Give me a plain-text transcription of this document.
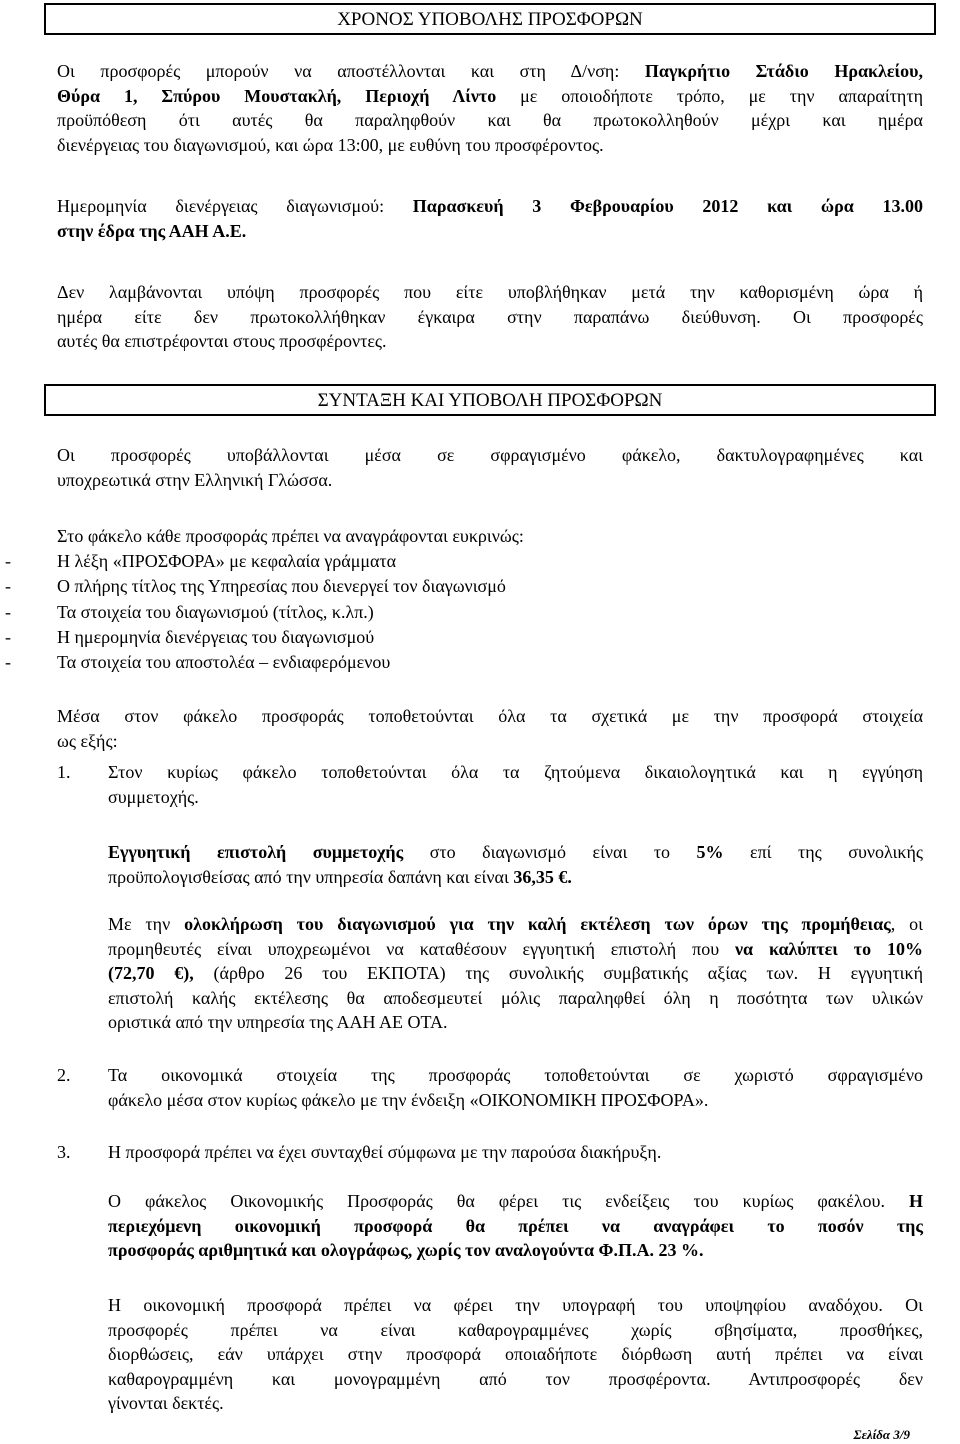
ΧΡΟΝΟΣ ΥΠΟΒΟΛΗΣ ΠΡΟΣΦΟΡΩΝ
Οι προσφορές μπορούν να αποστέλλονται και στη Δ/νση: Παγκρήτιο Στάδιο Ηρακλείου,
Θύρα 1, Σπύρου Μουστακλή, Περιοχή Λίντο με οποιοδήποτε τρόπο, με την απαραίτητη
προϋπόθεση ότι αυτές θα παραληφθούν και θα πρωτοκολληθούν μέχρι και ημέρα
διενέργειας του διαγωνισμού, και ώρα 13:00, με ευθύνη του προσφέροντος.
Ημερομηνία διενέργειας διαγωνισμού: Παρασκευή 3 Φεβρουαρίου 2012 και ώρα 13.00
στην έδρα της ΑΑΗ Α.Ε.
Δεν λαμβάνονται υπόψη προσφορές που είτε υποβλήθηκαν μετά την καθορισμένη ώρα ή
ημέρα είτε δεν πρωτοκολλήθηκαν έγκαιρα στην παραπάνω διεύθυνση. Οι προσφορές
αυτές θα επιστρέφονται στους προσφέροντες.
ΣΥΝΤΑΞΗ ΚΑΙ ΥΠΟΒΟΛΗ ΠΡΟΣΦΟΡΩΝ
Οι προσφορές υποβάλλονται μέσα σε σφραγισμένο φάκελο, δακτυλογραφημένες και
υποχρεωτικά στην Ελληνική Γλώσσα.
Στο φάκελο κάθε προσφοράς πρέπει να αναγράφονται ευκρινώς:
-	Η λέξη «ΠΡΟΣΦΟΡΑ» με κεφαλαία γράμματα
-	Ο πλήρης τίτλος της Υπηρεσίας που διενεργεί τον διαγωνισμό
-	Τα στοιχεία του διαγωνισμού (τίτλος, κ.λπ.)
-	Η ημερομηνία διενέργειας του διαγωνισμού
-	Τα στοιχεία του αποστολέα – ενδιαφερόμενου
Μέσα στον φάκελο προσφοράς τοποθετούνται όλα τα σχετικά με την προσφορά στοιχεία
ως εξής:
1. Στον κυρίως φάκελο τοποθετούνται όλα τα ζητούμενα δικαιολογητικά και η εγγύηση
συμμετοχής.
Εγγυητική επιστολή συμμετοχής στο διαγωνισμό είναι το 5% επί της συνολικής
προϋπολογισθείσας από την υπηρεσία δαπάνη και είναι 36,35 €.
Με την ολοκλήρωση του διαγωνισμού για την καλή εκτέλεση των όρων της προμήθειας, οι
προμηθευτές είναι υποχρεωμένοι να καταθέσουν εγγυητική επιστολή που να καλύπτει το 10%
(72,70 €), (άρθρο 26 του ΕΚΠΟΤΑ) της συνολικής συμβατικής αξίας των. Η εγγυητική
επιστολή καλής εκτέλεσης θα αποδεσμευτεί μόλις παραληφθεί όλη η ποσότητα των υλικών
οριστικά από την υπηρεσία της ΑΑΗ ΑΕ ΟΤΑ.
2. Τα οικονομικά στοιχεία της προσφοράς τοποθετούνται σε χωριστό σφραγισμένο
φάκελο μέσα στον κυρίως φάκελο με την ένδειξη «ΟΙΚΟΝΟΜΙΚΗ ΠΡΟΣΦΟΡΑ».
3. Η προσφορά πρέπει να έχει συνταχθεί σύμφωνα με την παρούσα διακήρυξη.
Ο φάκελος Οικονομικής Προσφοράς θα φέρει τις ενδείξεις του κυρίως φακέλου. Η
περιεχόμενη οικονομική προσφορά θα πρέπει να αναγράφει το ποσόν της
προσφοράς αριθμητικά και ολογράφως, χωρίς τον αναλογούντα Φ.Π.Α. 23 %.
Η οικονομική προσφορά πρέπει να φέρει την υπογραφή του υποψηφίου αναδόχου. Οι
προσφορές πρέπει να είναι καθαρογραμμένες χωρίς σβησίματα, προσθήκες,
διορθώσεις, εάν υπάρχει στην προσφορά οποιαδήποτε διόρθωση αυτή πρέπει να είναι
καθαρογραμμένη και μονογραμμένη από τον προσφέροντα. Αντιπροσφορές δεν
γίνονται δεκτές.
Σελίδα 3/9
